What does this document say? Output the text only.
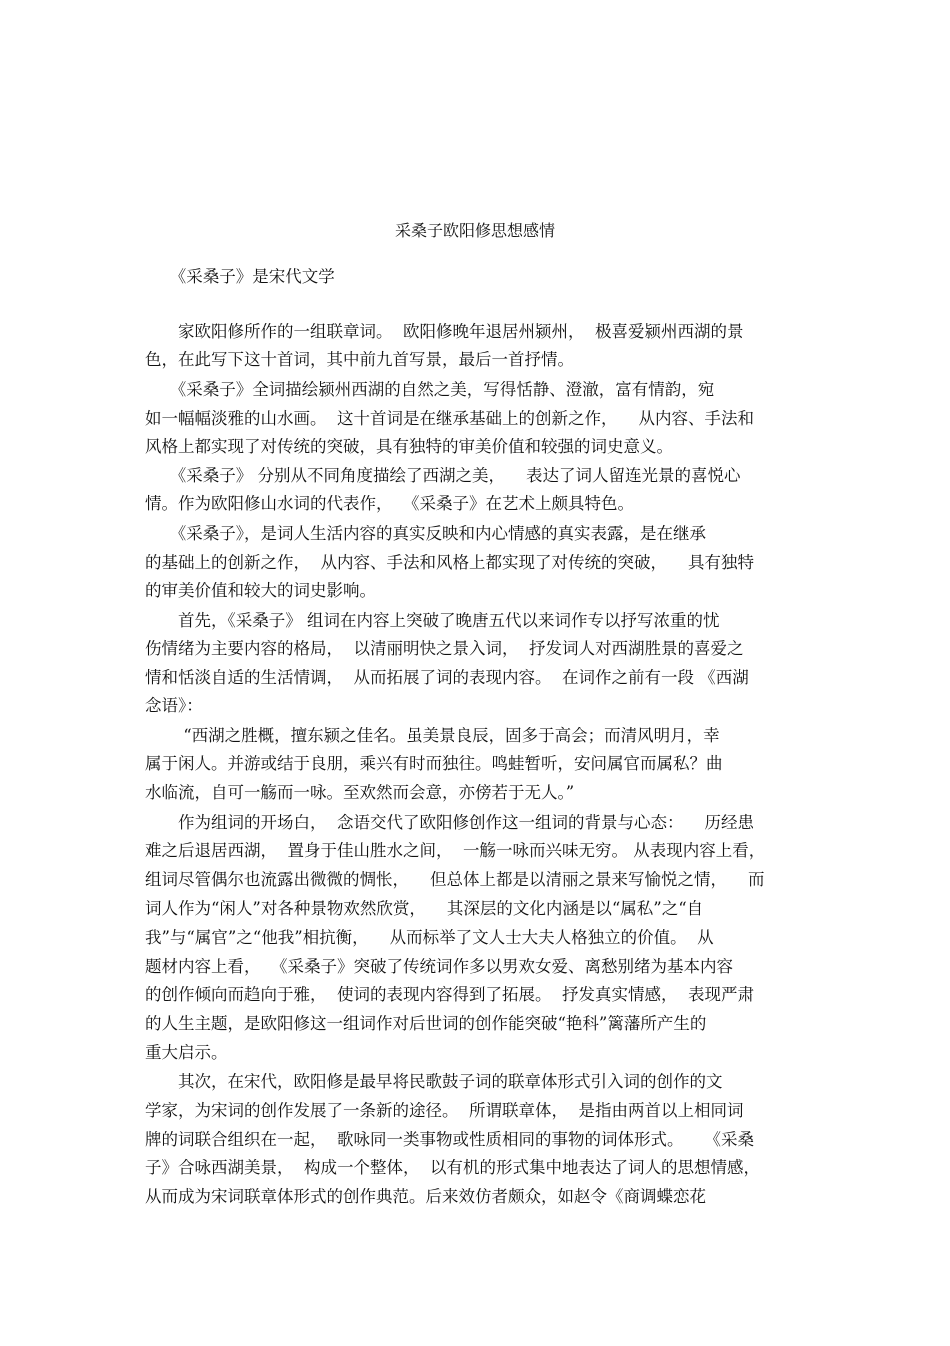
采桑子欧阳修思想感情
　　《采桑子》是宋代文学
　　家欧阳修所作的一组联章词。  欧阳修晚年退居州颍州，  极喜爱颍州西湖的景
色，在此写下这十首词，其中前九首写景，最后一首抒情。
　　《采桑子》全词描绘颍州西湖的自然之美，写得恬静、澄澈，富有情韵，宛
如一幅幅淡雅的山水画。  这十首词是在继承基础上的创新之作，    从内容、手法和
风格上都实现了对传统的突破，具有独特的审美价值和较强的词史意义。
　　《采桑子》 分别从不同角度描绘了西湖之美，    表达了词人留连光景的喜悦心
情。作为欧阳修山水词的代表作，  《采桑子》在艺术上颇具特色。
　　《采桑子》，是词人生活内容的真实反映和内心情感的真实表露，是在继承
的基础上的创新之作，  从内容、手法和风格上都实现了对传统的突破，    具有独特
的审美价值和较大的词史影响。
　　首先，《采桑子》 组词在内容上突破了晚唐五代以来词作专以抒写浓重的忧
伤情绪为主要内容的格局，  以清丽明快之景入词，  抒发词人对西湖胜景的喜爱之
情和恬淡自适的生活情调，  从而拓展了词的表现内容。  在词作之前有一段 《西湖
念语》：
　　 “西湖之胜概，擅东颍之佳名。虽美景良辰，固多于高会；而清风明月，幸
属于闲人。并游或结于良朋，乘兴有时而独往。鸣蛙暂听，安问属官而属私？曲
水临流，自可一觞而一咏。至欢然而会意，亦傍若于无人。”
　　作为组词的开场白，  念语交代了欧阳修创作这一组词的背景与心态：    历经患
难之后退居西湖，  置身于佳山胜水之间，  一觞一咏而兴味无穷。 从表现内容上看，
组词尽管偶尔也流露出微微的惆怅，    但总体上都是以清丽之景来写愉悦之情，    而
词人作为“闲人”对各种景物欢然欣赏，    其深层的文化内涵是以“属私”之“自
我”与“属官”之“他我”相抗衡，    从而标举了文人士大夫人格独立的价值。  从
题材内容上看，  《采桑子》突破了传统词作多以男欢女爱、离愁别绪为基本内容
的创作倾向而趋向于雅，  使词的表现内容得到了拓展。  抒发真实情感，  表现严肃
的人生主题，是欧阳修这一组词作对后世词的创作能突破“艳科”篱藩所产生的
重大启示。
　　其次，在宋代，欧阳修是最早将民歌鼓子词的联章体形式引入词的创作的文
学家，为宋词的创作发展了一条新的途径。  所谓联章体，  是指由两首以上相同词
牌的词联合组织在一起，  歌咏同一类事物或性质相同的事物的词体形式。    《采桑
子》合咏西湖美景，  构成一个整体，  以有机的形式集中地表达了词人的思想情感，
从而成为宋词联章体形式的创作典范。后来效仿者颇众，如赵令《商调蝶恋花
